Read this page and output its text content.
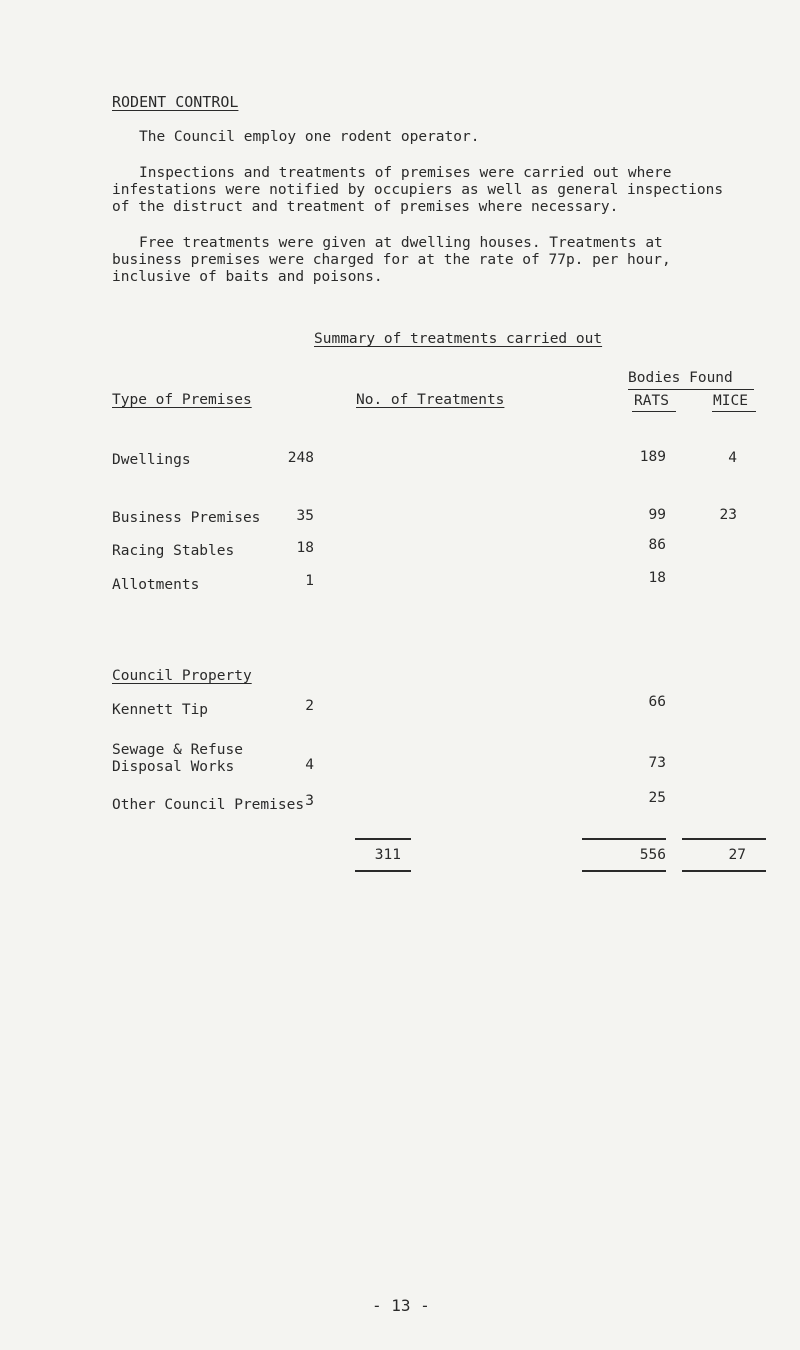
RODENT CONTROL
The Council employ one rodent operator.
Inspections and treatments of premises were carried out where
infestations were notified by occupiers as well as general inspections
of the distruct and treatment of premises where necessary.
Free treatments were given at dwelling houses. Treatments at
business premises were charged for at the rate of 77p. per hour,
inclusive of baits and poisons.
Summary of treatments carried out
Type of Premises	No. of Treatments
Bodies Found
RATS	MICE
Dwellings	248	189	4
Business Premises	35	99	23
Racing Stables	18	86
Allotments	1	18
Council Property
Kennett Tip	2	66
Sewage & Refuse
Disposal Works	4	73
Other Council Premises 3	25
311	556	27
- 13 -
